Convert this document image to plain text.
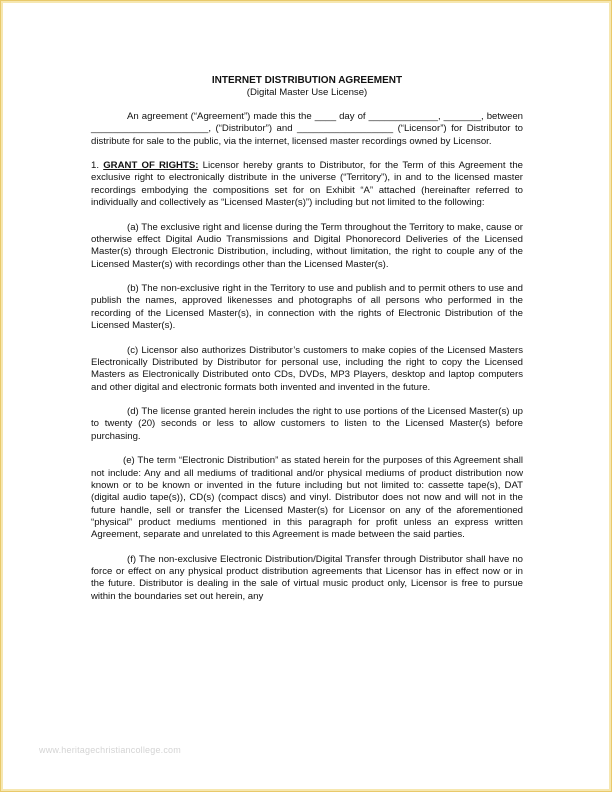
INTERNET DISTRIBUTION AGREEMENT
(Digital Master Use License)

An agreement (“Agreement”) made this the ____ day of _____________, _______, between ______________________, (“Distributor”) and __________________ (“Licensor”) for Distributor to distribute for sale to the public, via the internet, licensed master recordings owned by Licensor.

1. GRANT OF RIGHTS: Licensor hereby grants to Distributor, for the Term of this Agreement the exclusive right to electronically distribute in the universe (“Territory”), in and to the licensed master recordings embodying the compositions set for on Exhibit “A” attached (hereinafter referred to individually and collectively as “Licensed Master(s)”) including but not limited to the following:

(a) The exclusive right and license during the Term throughout the Territory to make, cause or otherwise effect Digital Audio Transmissions and Digital Phonorecord Deliveries of the Licensed Master(s) through Electronic Distribution, including, without limitation, the right to couple any of the Licensed Master(s) with recordings other than the Licensed Master(s).

(b) The non-exclusive right in the Territory to use and publish and to permit others to use and publish the names, approved likenesses and photographs of all persons who performed in the recording of the Licensed Master(s), in connection with the rights of Electronic Distribution of the Licensed Master(s).

(c) Licensor also authorizes Distributor’s customers to make copies of the Licensed Masters Electronically Distributed by Distributor for personal use, including the right to copy the Licensed Masters as Electronically Distributed onto CDs, DVDs, MP3 Players, desktop and laptop computers and other digital and electronic formats both invented and invented in the future.

(d) The license granted herein includes the right to use portions of the Licensed Master(s) up to twenty (20) seconds or less to allow customers to listen to the Licensed Master(s) before purchasing.

(e) The term “Electronic Distribution” as stated herein for the purposes of this Agreement shall not include: Any and all mediums of traditional and/or physical mediums of product distribution now known or to be known or invented in the future including but not limited to: cassette tape(s), DAT (digital audio tape(s)), CD(s) (compact discs) and vinyl. Distributor does not now and will not in the future handle, sell or transfer the Licensed Master(s) for Licensor on any of the aforementioned “physical” product mediums mentioned in this paragraph for profit unless an express written Agreement, separate and unrelated to this Agreement is made between the said parties.

(f) The non-exclusive Electronic Distribution/Digital Transfer through Distributor shall have no force or effect on any physical product distribution agreements that Licensor has in effect now or in the future. Distributor is dealing in the sale of virtual music product only, Licensor is free to pursue within the boundaries set out herein, any

www.heritagechristiancollege.com
